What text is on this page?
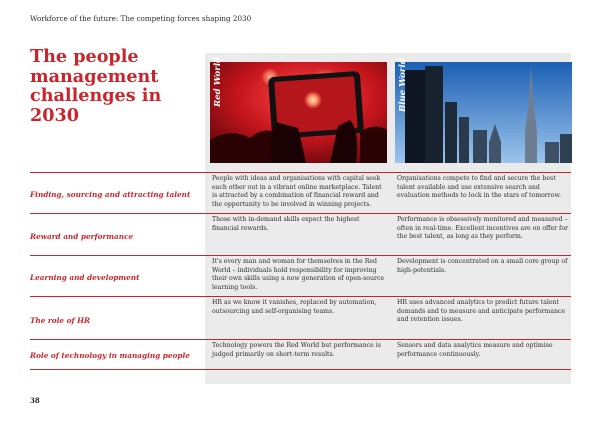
Workforce of the future: The competing forces shaping 2030
The people
management
challenges in 2030
Red World	Blue World
Finding, sourcing and attracting talent
People with ideas and organisations with capital seek each other out in a vibrant online marketplace. Talent is attracted by a combination of financial reward and the opportunity to be involved in winning projects.
Organisations compete to find and secure the best talent available and use extensive search and evaluation methods to lock in the stars of tomorrow.
Reward and performance
Those with in-demand skills expect the highest financial rewards.
Performance is obsessively monitored and measured – often in real-time. Excellent incentives are on offer for the best talent, as long as they perform.
Learning and development
It's every man and woman for themselves in the Red World – individuals hold responsibility for improving their own skills using a new generation of open-source learning tools.
Development is concentrated on a small core group of high-potentials.
The role of HR
HR as we know it vanishes, replaced by automation, outsourcing and self-organising teams.
HR uses advanced analytics to predict future talent demands and to measure and anticipate performance and retention issues.
Role of technology in managing people
Technology powers the Red World but performance is judged primarily on short-term results.
Sensors and data analytics measure and optimise performance continuously.
38
